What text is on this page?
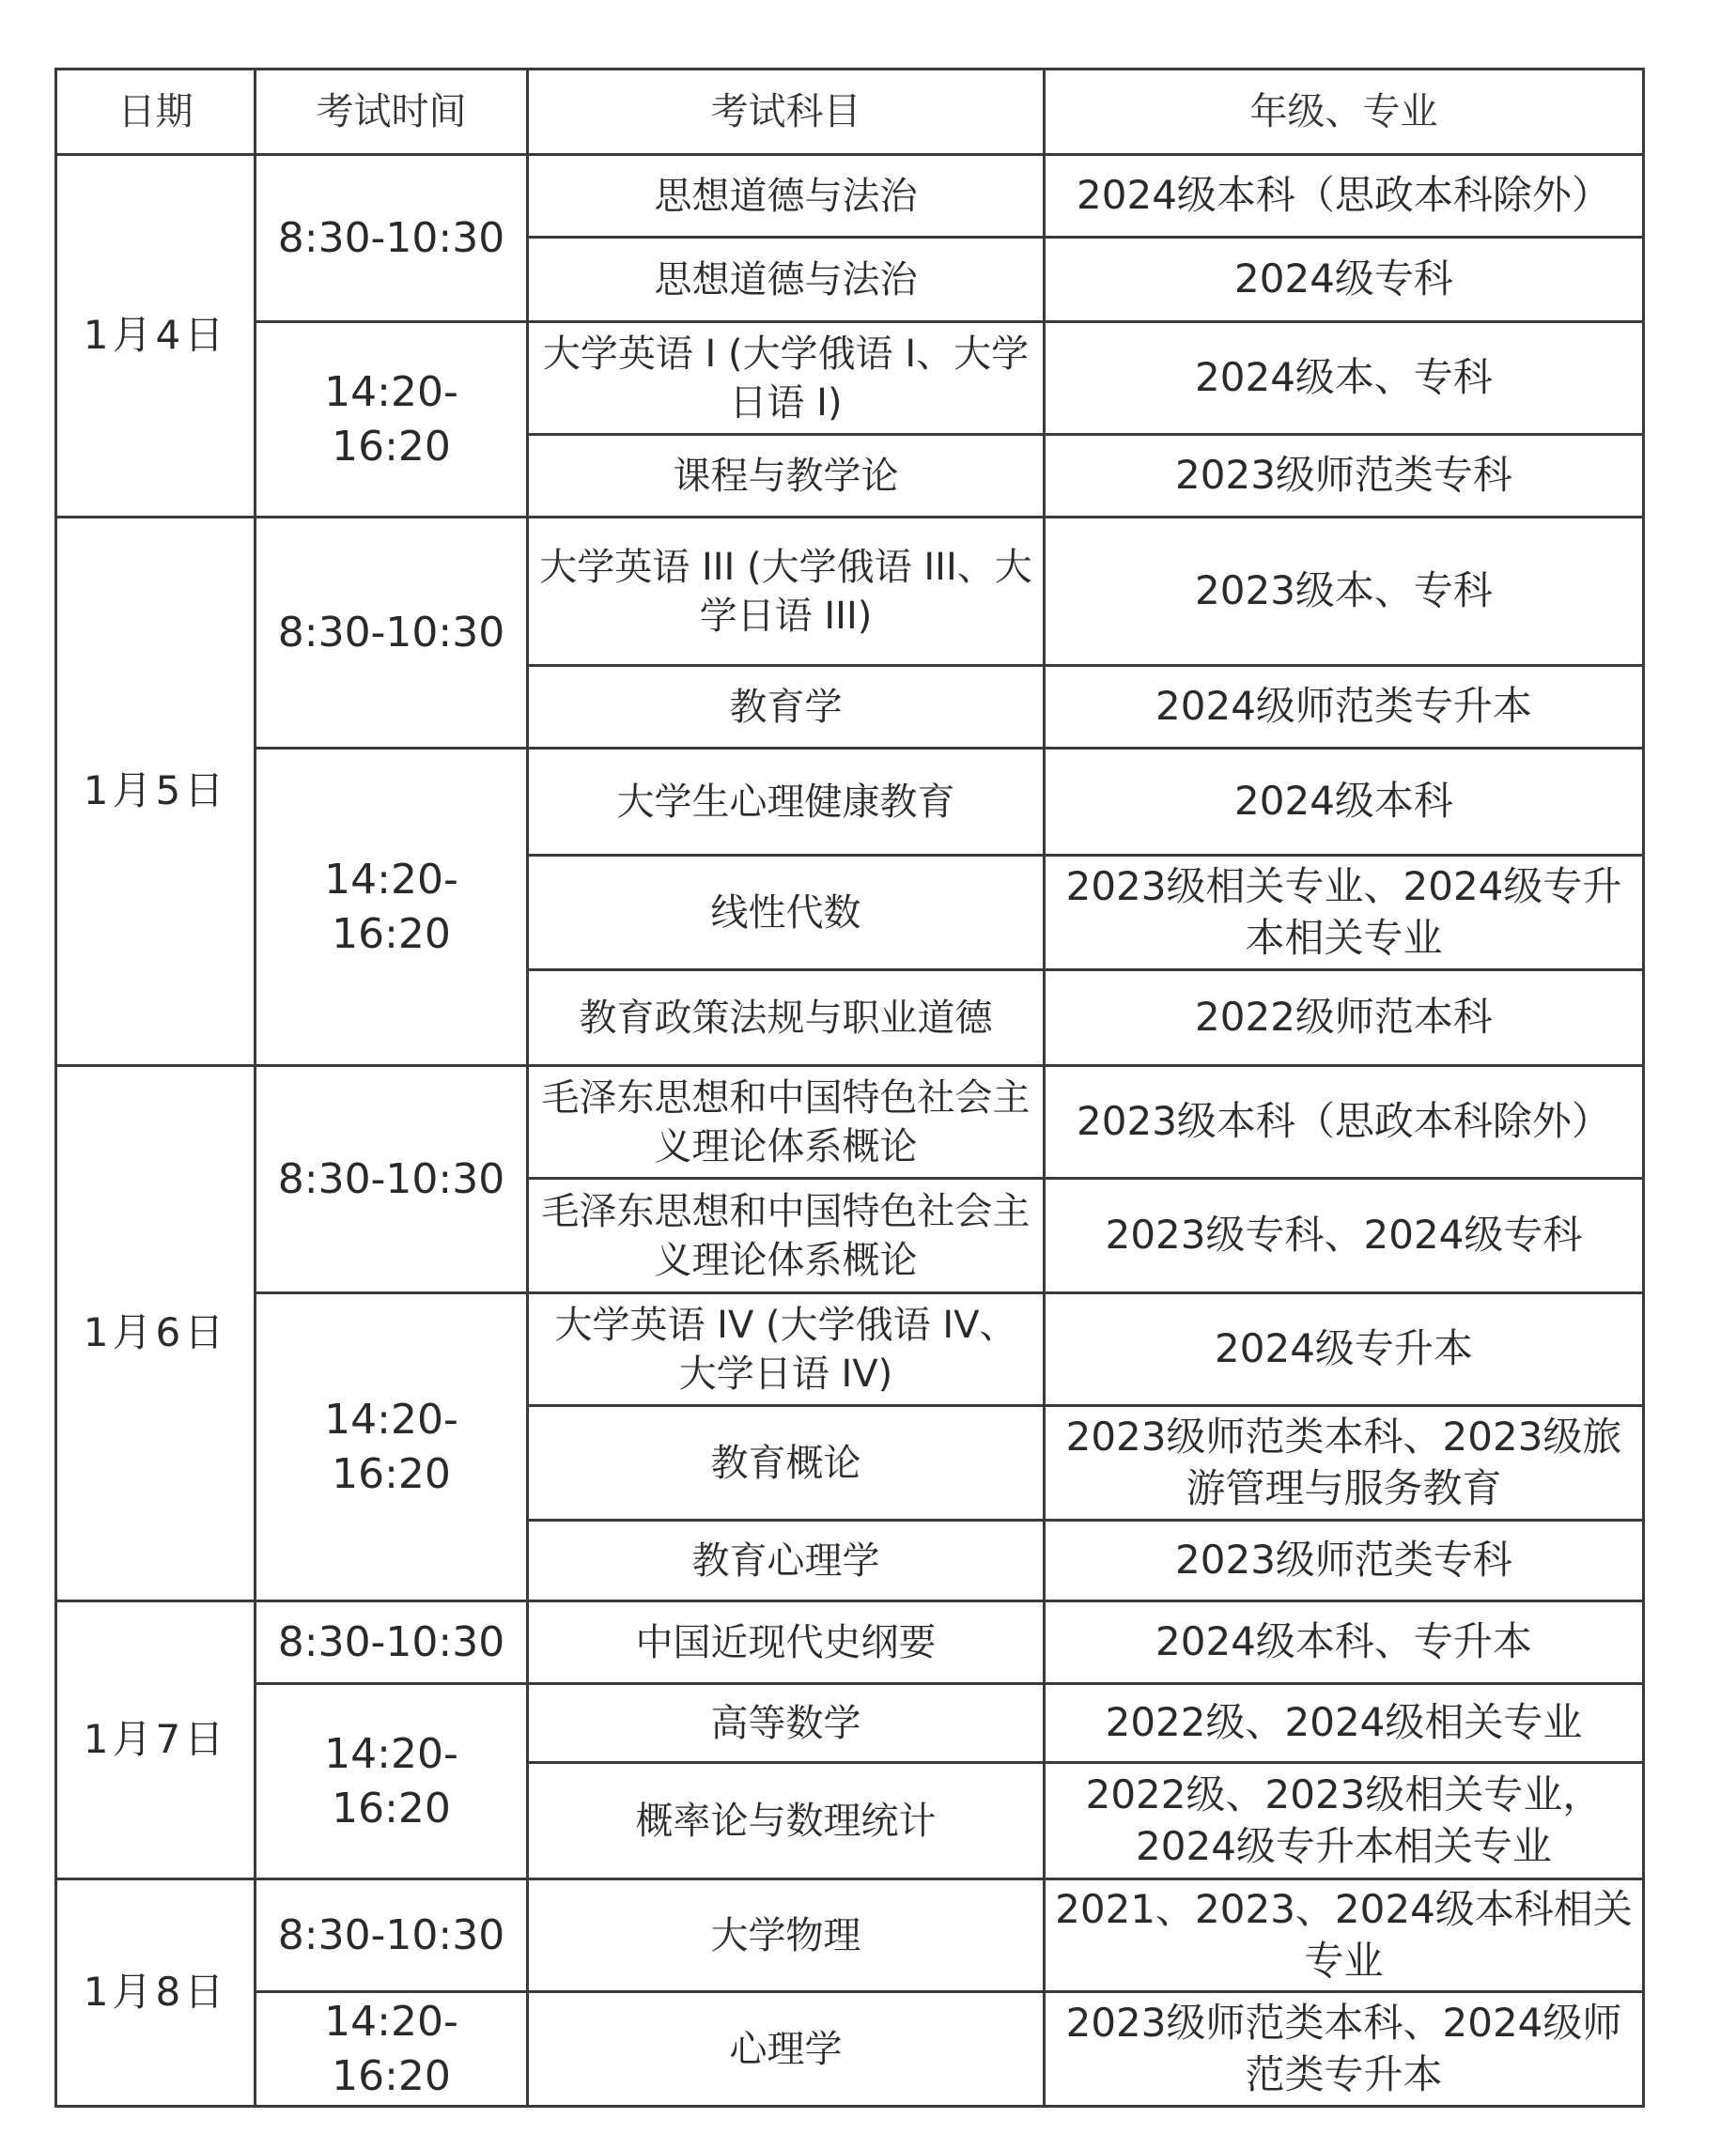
日期	考试时间	考试科目	年级、专业
1月4日	8:30-10:30	思想道德与法治	2024级本科（思政本科除外）
		思想道德与法治	2024级专科
	14:20-16:20	大学英语 I (大学俄语 I、大学日语 I)	2024级本、专科
		课程与教学论	2023级师范类专科
1月5日	8:30-10:30	大学英语 III (大学俄语 III、大学日语 III)	2023级本、专科
		教育学	2024级师范类专升本
	14:20-16:20	大学生心理健康教育	2024级本科
		线性代数	2023级相关专业、2024级专升本相关专业
		教育政策法规与职业道德	2022级师范本科
1月6日	8:30-10:30	毛泽东思想和中国特色社会主义理论体系概论	2023级本科（思政本科除外）
		毛泽东思想和中国特色社会主义理论体系概论	2023级专科、2024级专科
	14:20-16:20	大学英语 IV (大学俄语 IV、大学日语 IV)	2024级专升本
		教育概论	2023级师范类本科、2023级旅游管理与服务教育
		教育心理学	2023级师范类专科
1月7日	8:30-10:30	中国近现代史纲要	2024级本科、专升本
	14:20-16:20	高等数学	2022级、2024级相关专业
		概率论与数理统计	2022级、2023级相关专业，2024级专升本相关专业
1月8日	8:30-10:30	大学物理	2021、2023、2024级本科相关专业
	14:20-16:20	心理学	2023级师范类本科、2024级师范类专升本
